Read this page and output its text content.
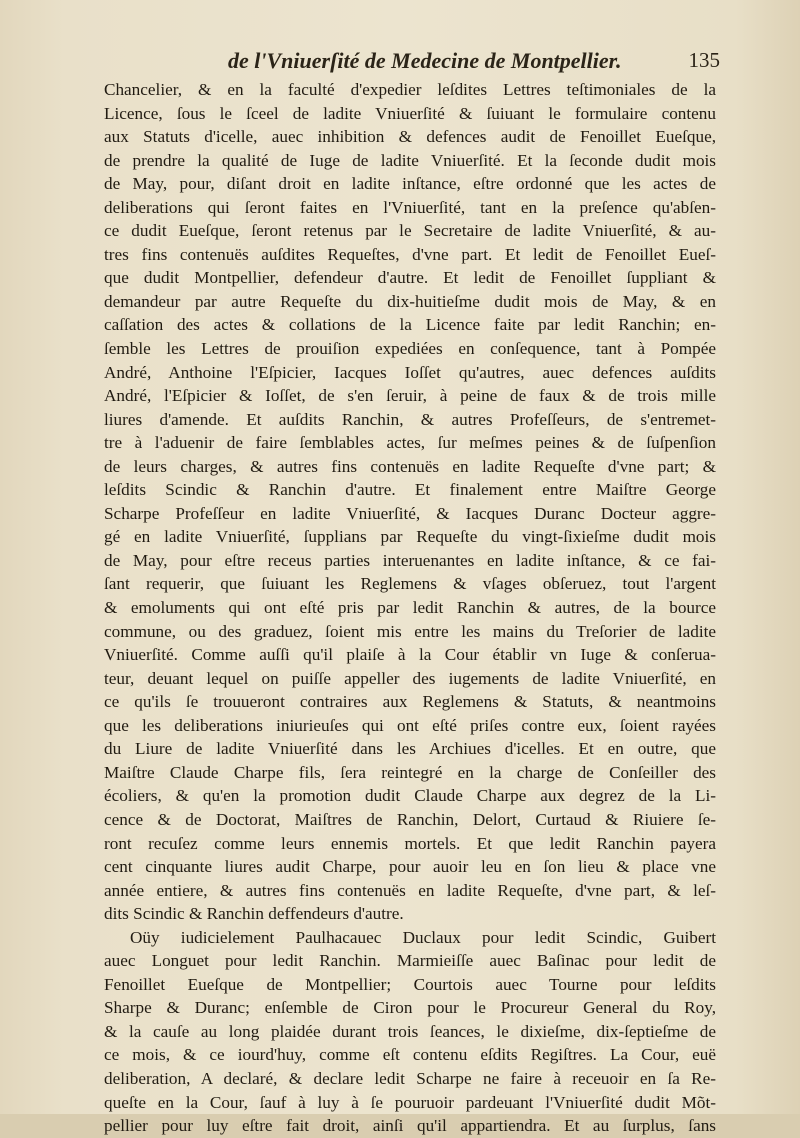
de l'Vniuerſité de Medecine de Montpellier.	135
Chancelier, & en la faculté d'expedier leſdites Lettres teſtimoniales de la
Licence, ſous le ſceel de ladite Vniuerſité & ſuiuant le formulaire contenu
aux Statuts d'icelle, auec inhibition & defences audit de Fenoillet Eueſque,
de prendre la qualité de Iuge de ladite Vniuerſité. Et la ſeconde dudit mois
de May, pour, diſant droit en ladite inſtance, eſtre ordonné que les actes de
deliberations qui ſeront faites en l'Vniuerſité, tant en la preſence qu'abſen-
ce dudit Eueſque, ſeront retenus par le Secretaire de ladite Vniuerſité, & au-
tres fins contenuës auſdites Requeſtes, d'vne part. Et ledit de Fenoillet Eueſ-
que dudit Montpellier, defendeur d'autre. Et ledit de Fenoillet ſuppliant &
demandeur par autre Requeſte du dix-huitieſme dudit mois de May, & en
caſſation des actes & collations de la Licence faite par ledit Ranchin; en-
ſemble les Lettres de prouiſion expediées en conſequence, tant à Pompée
André, Anthoine l'Eſpicier, Iacques Ioſſet qu'autres, auec defences auſdits
André, l'Eſpicier & Ioſſet, de s'en ſeruir, à peine de faux & de trois mille
liures d'amende. Et auſdits Ranchin, & autres Profeſſeurs, de s'entremet-
tre à l'aduenir de faire ſemblables actes, ſur meſmes peines & de ſuſpenſion
de leurs charges, & autres fins contenuës en ladite Requeſte d'vne part; &
leſdits Scindic & Ranchin d'autre. Et finalement entre Maiſtre George
Scharpe Profeſſeur en ladite Vniuerſité, & Iacques Duranc Docteur aggre-
gé en ladite Vniuerſité, ſupplians par Requeſte du vingt-ſixieſme dudit mois
de May, pour eſtre receus parties interuenantes en ladite inſtance, & ce fai-
ſant requerir, que ſuiuant les Reglemens & vſages obſeruez, tout l'argent
& emoluments qui ont eſté pris par ledit Ranchin & autres, de la bource
commune, ou des graduez, ſoient mis entre les mains du Treſorier de ladite
Vniuerſité. Comme auſſi qu'il plaiſe à la Cour établir vn Iuge & conſerua-
teur, deuant lequel on puiſſe appeller des iugements de ladite Vniuerſité, en
ce qu'ils ſe trouueront contraires aux Reglemens & Statuts, & neantmoins
que les deliberations iniurieuſes qui ont eſté priſes contre eux, ſoient rayées
du Liure de ladite Vniuerſité dans les Archiues d'icelles. Et en outre, que
Maiſtre Claude Charpe fils, ſera reintegré en la charge de Conſeiller des
écoliers, & qu'en la promotion dudit Claude Charpe aux degrez de la Li-
cence & de Doctorat, Maiſtres de Ranchin, Delort, Curtaud & Riuiere ſe-
ront recuſez comme leurs ennemis mortels. Et que ledit Ranchin payera
cent cinquante liures audit Charpe, pour auoir leu en ſon lieu & place vne
année entiere, & autres fins contenuës en ladite Requeſte, d'vne part, & leſ-
dits Scindic & Ranchin deffendeurs d'autre.
Oüy iudicielement Paulhacauec Duclaux pour ledit Scindic, Guibert
auec Longuet pour ledit Ranchin. Marmieiſſe auec Baſinac pour ledit de
Fenoillet Eueſque de Montpellier; Courtois auec Tourne pour leſdits
Sharpe & Duranc; enſemble de Ciron pour le Procureur General du Roy,
& la cauſe au long plaidée durant trois ſeances, le dixieſme, dix-ſeptieſme de
ce mois, & ce iourd'huy, comme eſt contenu eſdits Regiſtres. La Cour, euë
deliberation, A declaré, & declare ledit Scharpe ne faire à receuoir en ſa Re-
queſte en la Cour, ſauf à luy à ſe pouruoir pardeuant l'Vniuerſité dudit Mõt-
pellier pour luy eſtre fait droit, ainſi qu'il appartiendra. Et au ſurplus, ſans
